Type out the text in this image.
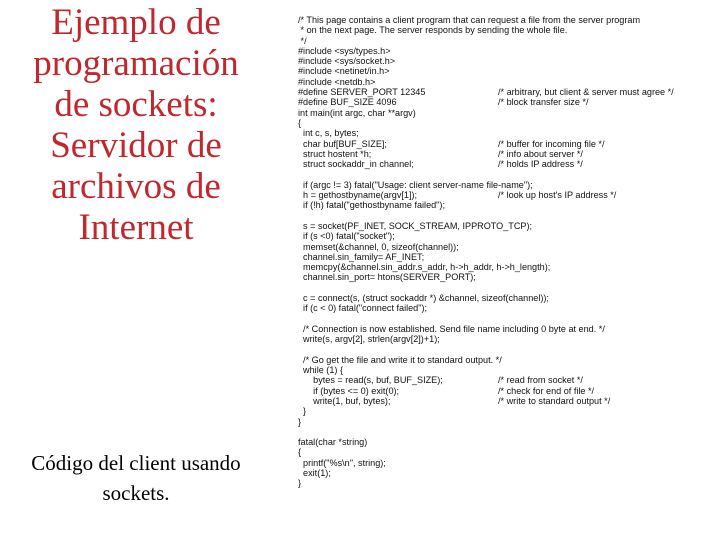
Ejemplo de
programación
de sockets:
Servidor de
archivos de
Internet
Código del client usando
sockets.
/* This page contains a client program that can request a file from the server program
* on the next page. The server responds by sending the whole file.
*/
#include <sys/types.h>
#include <sys/socket.h>
#include <netinet/in.h>
#include <netdb.h>
#define SERVER_PORT 12345	/* arbitrary, but client & server must agree */
#define BUF_SIZE 4096	/* block transfer size */
int main(int argc, char **argv)
{
int c, s, bytes;
char buf[BUF_SIZE];	/* buffer for incoming file */
struct hostent *h;	/* info about server */
struct sockaddr_in channel;	/* holds IP address */
if (argc != 3) fatal("Usage: client server-name file-name");
h = gethostbyname(argv[1]);	/* look up host's IP address */
if (!h) fatal("gethostbyname failed");
s = socket(PF_INET, SOCK_STREAM, IPPROTO_TCP);
if (s <0) fatal("socket");
memset(&channel, 0, sizeof(channel));
channel.sin_family= AF_INET;
memcpy(&channel.sin_addr.s_addr, h->h_addr, h->h_length);
channel.sin_port= htons(SERVER_PORT);
c = connect(s, (struct sockaddr *) &channel, sizeof(channel));
if (c < 0) fatal("connect failed");
/* Connection is now established. Send file name including 0 byte at end. */
write(s, argv[2], strlen(argv[2])+1);
/* Go get the file and write it to standard output. */
while (1) {
bytes = read(s, buf, BUF_SIZE);	/* read from socket */
if (bytes <= 0) exit(0);	/* check for end of file */
write(1, buf, bytes);	/* write to standard output */
}
}
fatal(char *string)
{
printf("%s\n", string);
exit(1);
}
